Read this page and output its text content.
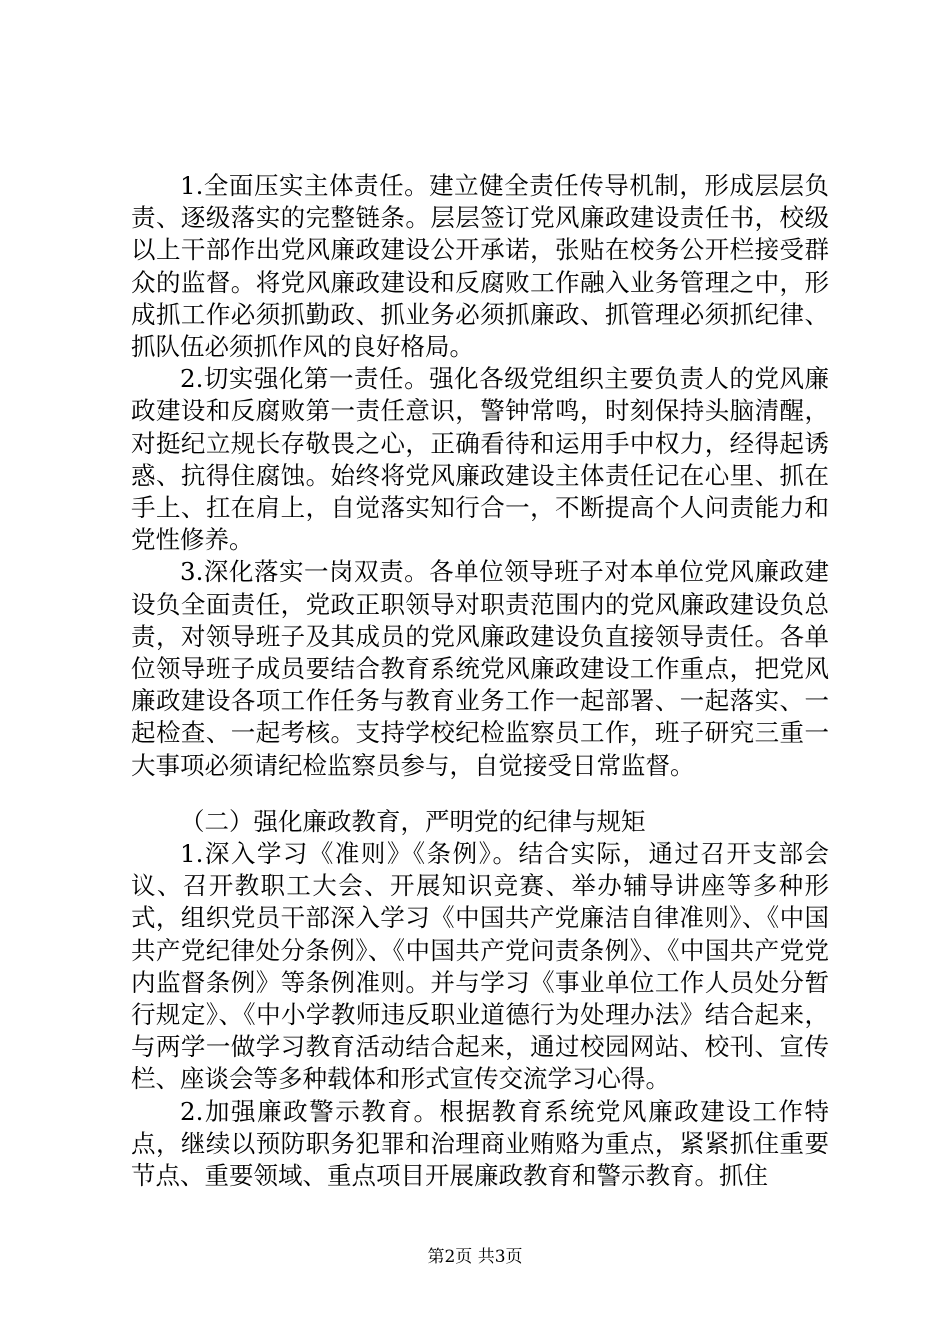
1.全面压实主体责任。建立健全责任传导机制，形成层层负责、逐级落实的完整链条。层层签订党风廉政建设责任书，校级以上干部作出党风廉政建设公开承诺，张贴在校务公开栏接受群众的监督。将党风廉政建设和反腐败工作融入业务管理之中，形成抓工作必须抓勤政、抓业务必须抓廉政、抓管理必须抓纪律、抓队伍必须抓作风的良好格局。

2.切实强化第一责任。强化各级党组织主要负责人的党风廉政建设和反腐败第一责任意识，警钟常鸣，时刻保持头脑清醒，对挺纪立规长存敬畏之心，正确看待和运用手中权力，经得起诱惑、抗得住腐蚀。始终将党风廉政建设主体责任记在心里、抓在手上、扛在肩上，自觉落实知行合一，不断提高个人问责能力和党性修养。

3.深化落实一岗双责。各单位领导班子对本单位党风廉政建设负全面责任，党政正职领导对职责范围内的党风廉政建设负总责，对领导班子及其成员的党风廉政建设负直接领导责任。各单位领导班子成员要结合教育系统党风廉政建设工作重点，把党风廉政建设各项工作任务与教育业务工作一起部署、一起落实、一起检查、一起考核。支持学校纪检监察员工作，班子研究三重一大事项必须请纪检监察员参与，自觉接受日常监督。

（二）强化廉政教育，严明党的纪律与规矩

1.深入学习《准则》《条例》。结合实际，通过召开支部会议、召开教职工大会、开展知识竞赛、举办辅导讲座等多种形式，组织党员干部深入学习《中国共产党廉洁自律准则》、《中国共产党纪律处分条例》、《中国共产党问责条例》、《中国共产党党内监督条例》等条例准则。并与学习《事业单位工作人员处分暂行规定》、《中小学教师违反职业道德行为处理办法》结合起来，与两学一做学习教育活动结合起来，通过校园网站、校刊、宣传栏、座谈会等多种载体和形式宣传交流学习心得。

2.加强廉政警示教育。根据教育系统党风廉政建设工作特点，继续以预防职务犯罪和治理商业贿赂为重点，紧紧抓住重要节点、重要领域、重点项目开展廉政教育和警示教育。抓住

第2页 共3页
